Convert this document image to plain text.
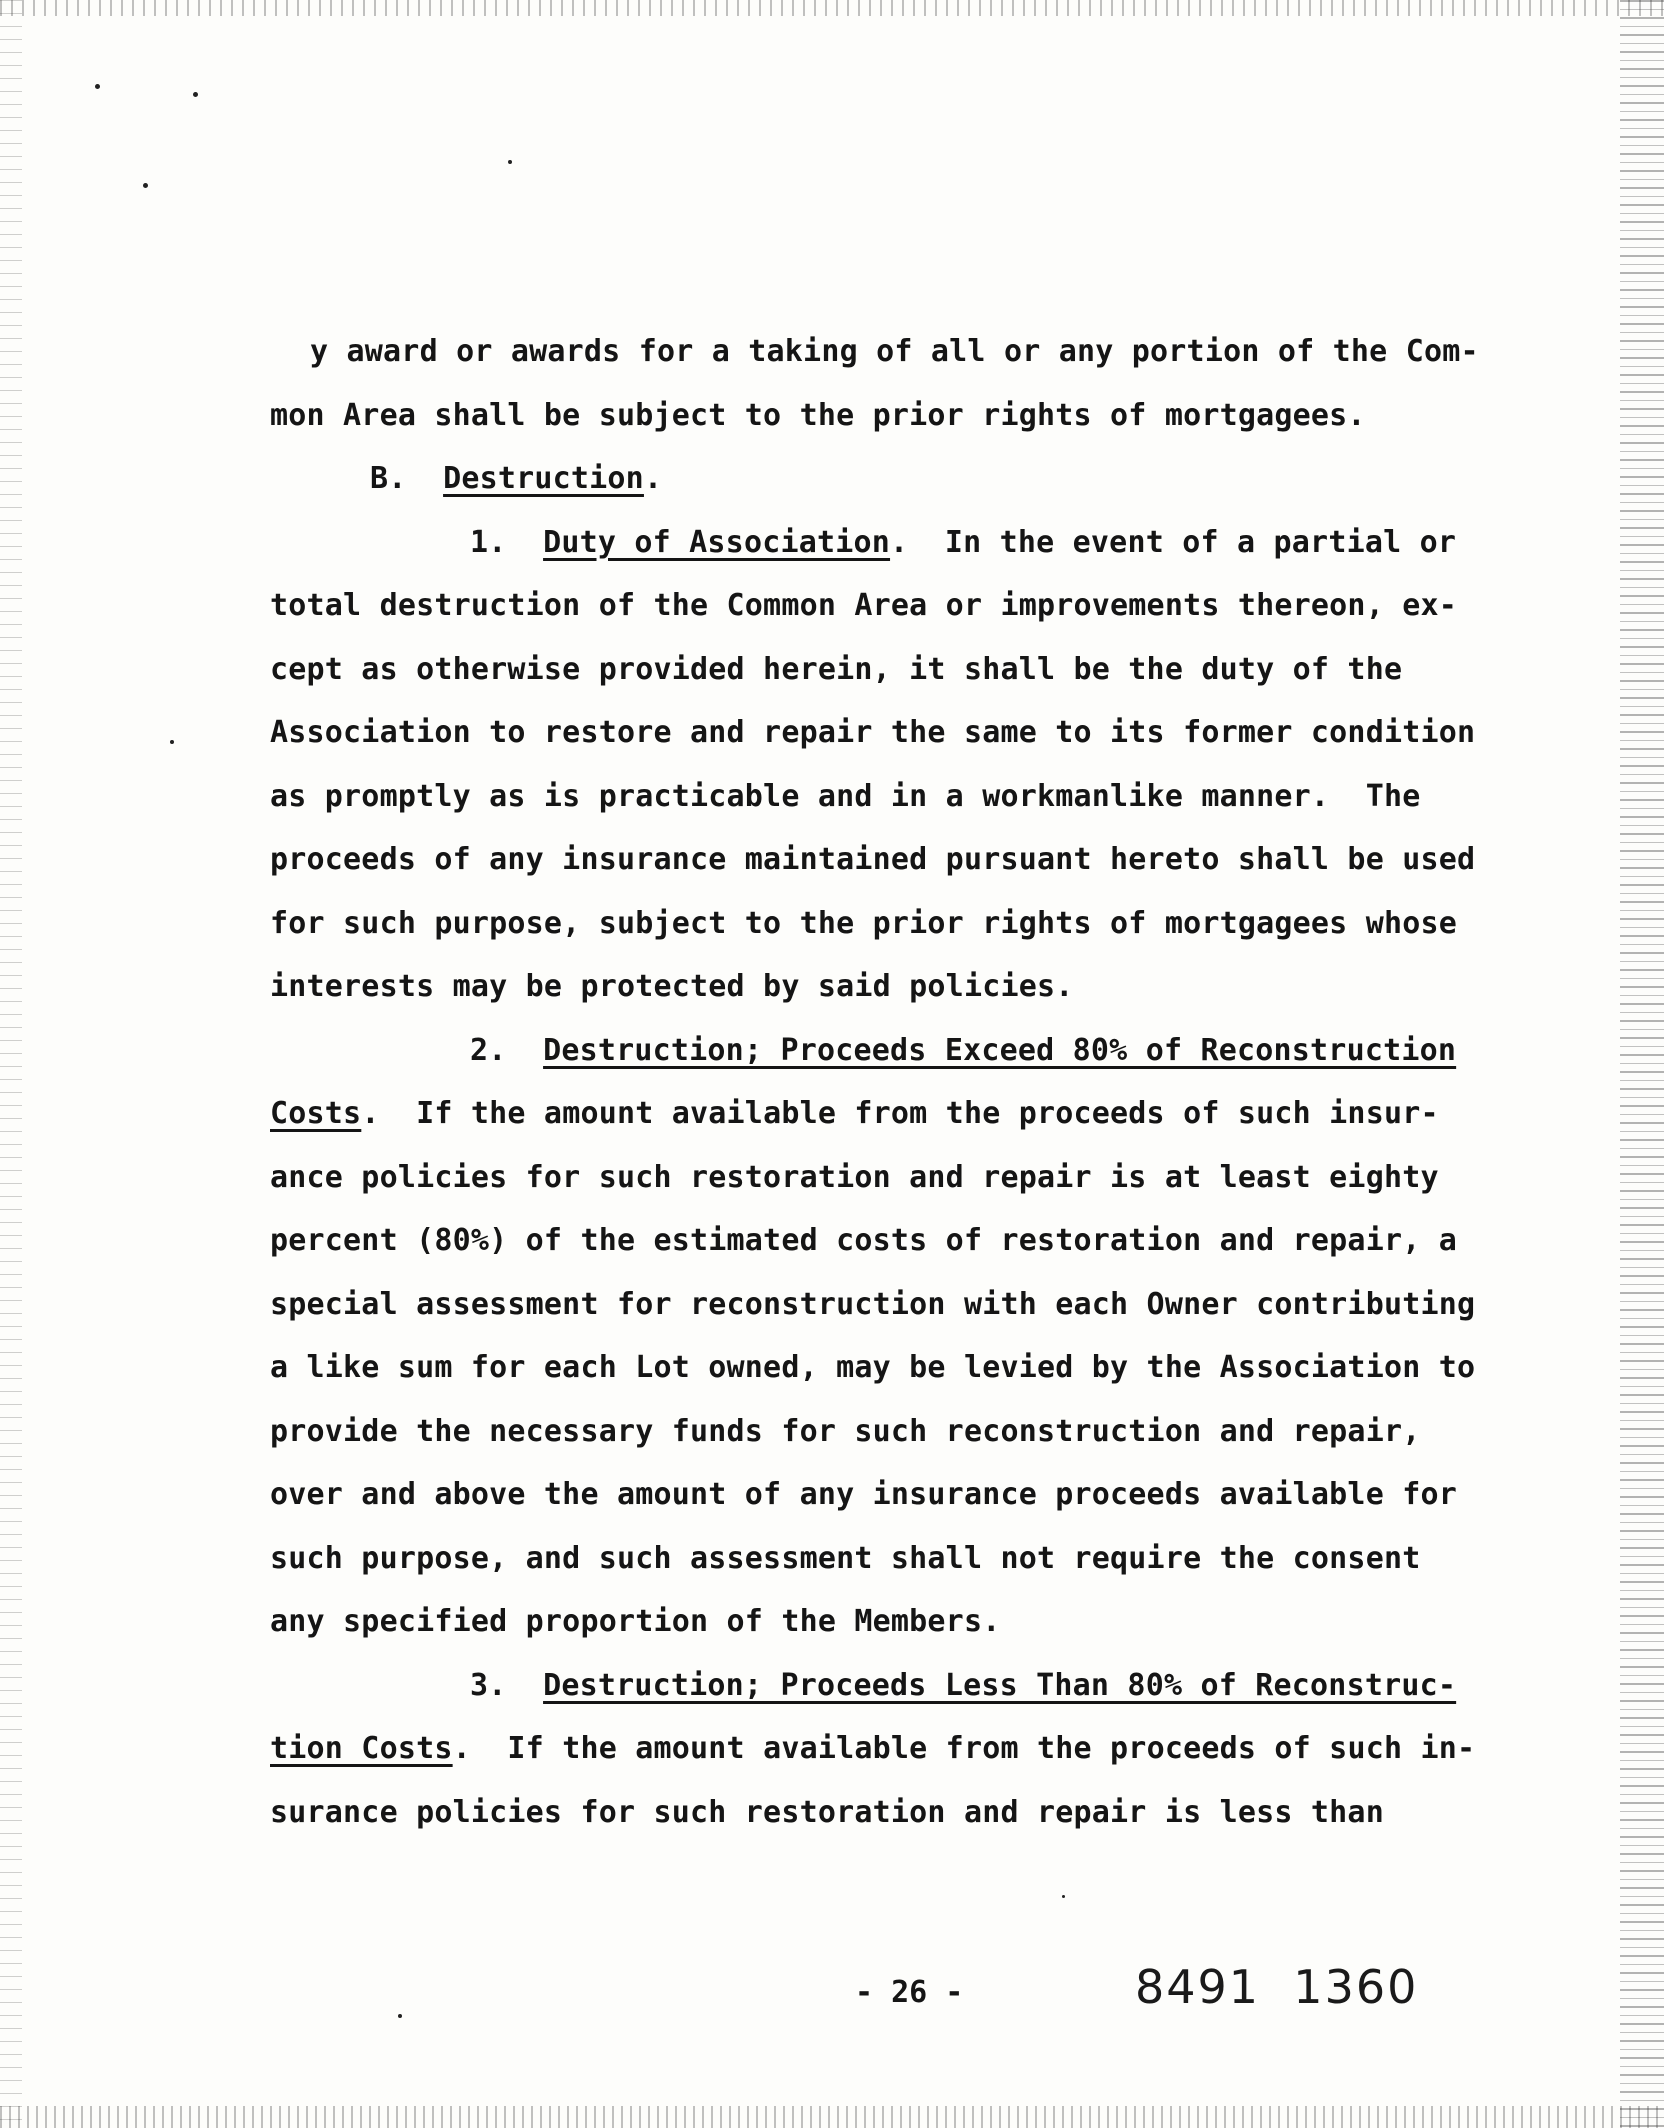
y award or awards for a taking of all or any portion of the Com-
mon Area shall be subject to the prior rights of mortgagees.
B. Destruction.
1. Duty of Association.  In the event of a partial or
total destruction of the Common Area or improvements thereon, ex-
cept as otherwise provided herein, it shall be the duty of the
Association to restore and repair the same to its former condition
as promptly as is practicable and in a workmanlike manner.  The
proceeds of any insurance maintained pursuant hereto shall be used
for such purpose, subject to the prior rights of mortgagees whose
interests may be protected by said policies.
2. Destruction; Proceeds Exceed 80% of Reconstruction
Costs.  If the amount available from the proceeds of such insur-
ance policies for such restoration and repair is at least eighty
percent (80%) of the estimated costs of restoration and repair, a
special assessment for reconstruction with each Owner contributing
a like sum for each Lot owned, may be levied by the Association to
provide the necessary funds for such reconstruction and repair,
over and above the amount of any insurance proceeds available for
such purpose, and such assessment shall not require the consent
any specified proportion of the Members.
3. Destruction; Proceeds Less Than 80% of Reconstruc-
tion Costs.  If the amount available from the proceeds of such in-
surance policies for such restoration and repair is less than
- 26 -	8491  1360
